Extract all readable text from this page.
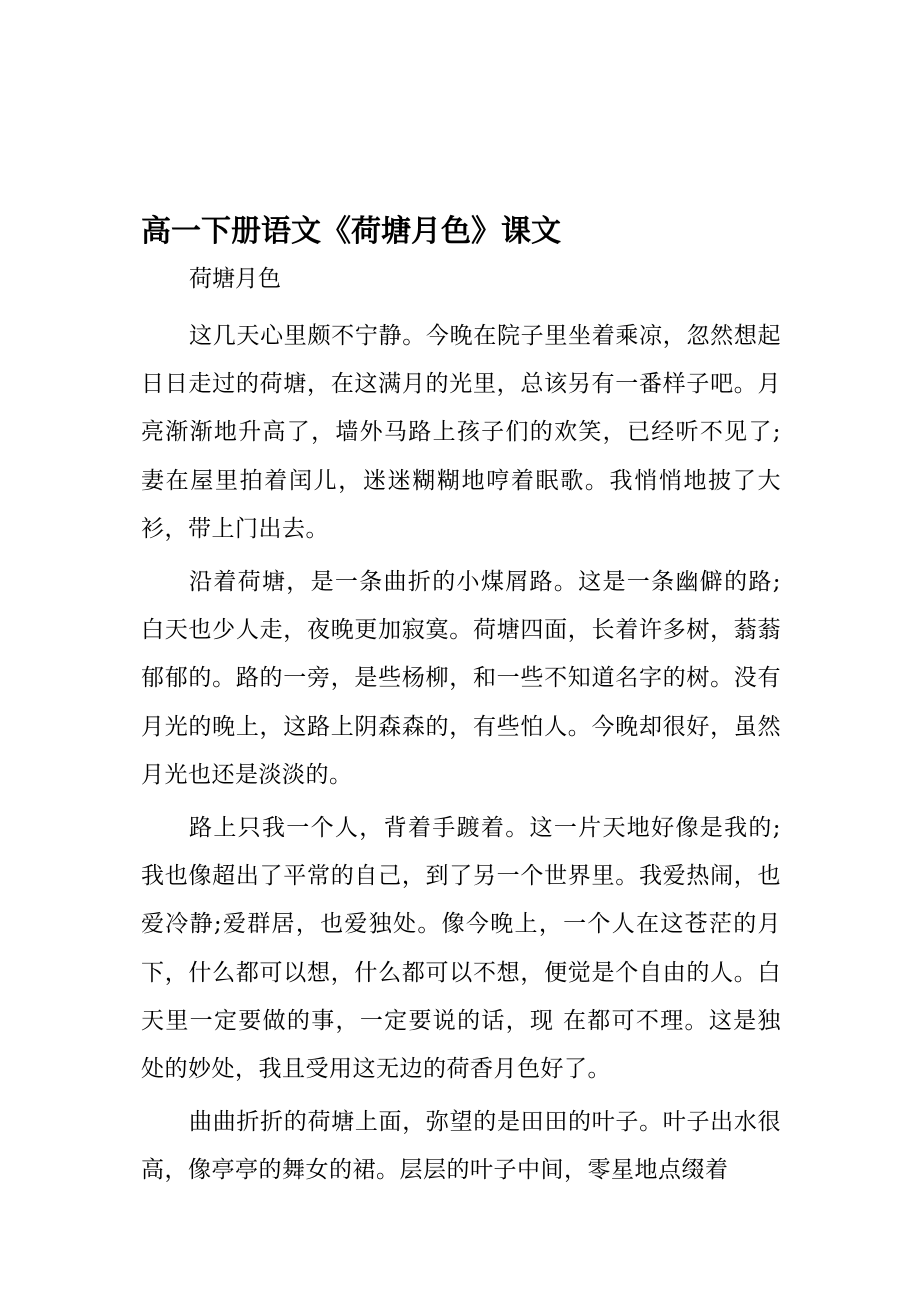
高一下册语文《荷塘月色》课文

荷塘月色

这几天心里颇不宁静。今晚在院子里坐着乘凉，忽然想起日日走过的荷塘，在这满月的光里，总该另有一番样子吧。月亮渐渐地升高了，墙外马路上孩子们的欢笑，已经听不见了;妻在屋里拍着闰儿，迷迷糊糊地哼着眠歌。我悄悄地披了大衫，带上门出去。

沿着荷塘，是一条曲折的小煤屑路。这是一条幽僻的路;白天也少人走，夜晚更加寂寞。荷塘四面，长着许多树，蓊蓊郁郁的。路的一旁，是些杨柳，和一些不知道名字的树。没有月光的晚上，这路上阴森森的，有些怕人。今晚却很好，虽然月光也还是淡淡的。

路上只我一个人，背着手踱着。这一片天地好像是我的;我也像超出了平常的自己，到了另一个世界里。我爱热闹，也爱冷静;爱群居，也爱独处。像今晚上，一个人在这苍茫的月下，什么都可以想，什么都可以不想，便觉是个自由的人。白天里一定要做的事，一定要说的话，现 在都可不理。这是独处的妙处，我且受用这无边的荷香月色好了。

曲曲折折的荷塘上面，弥望的是田田的叶子。叶子出水很高，像亭亭的舞女的裙。层层的叶子中间，零星地点缀着
